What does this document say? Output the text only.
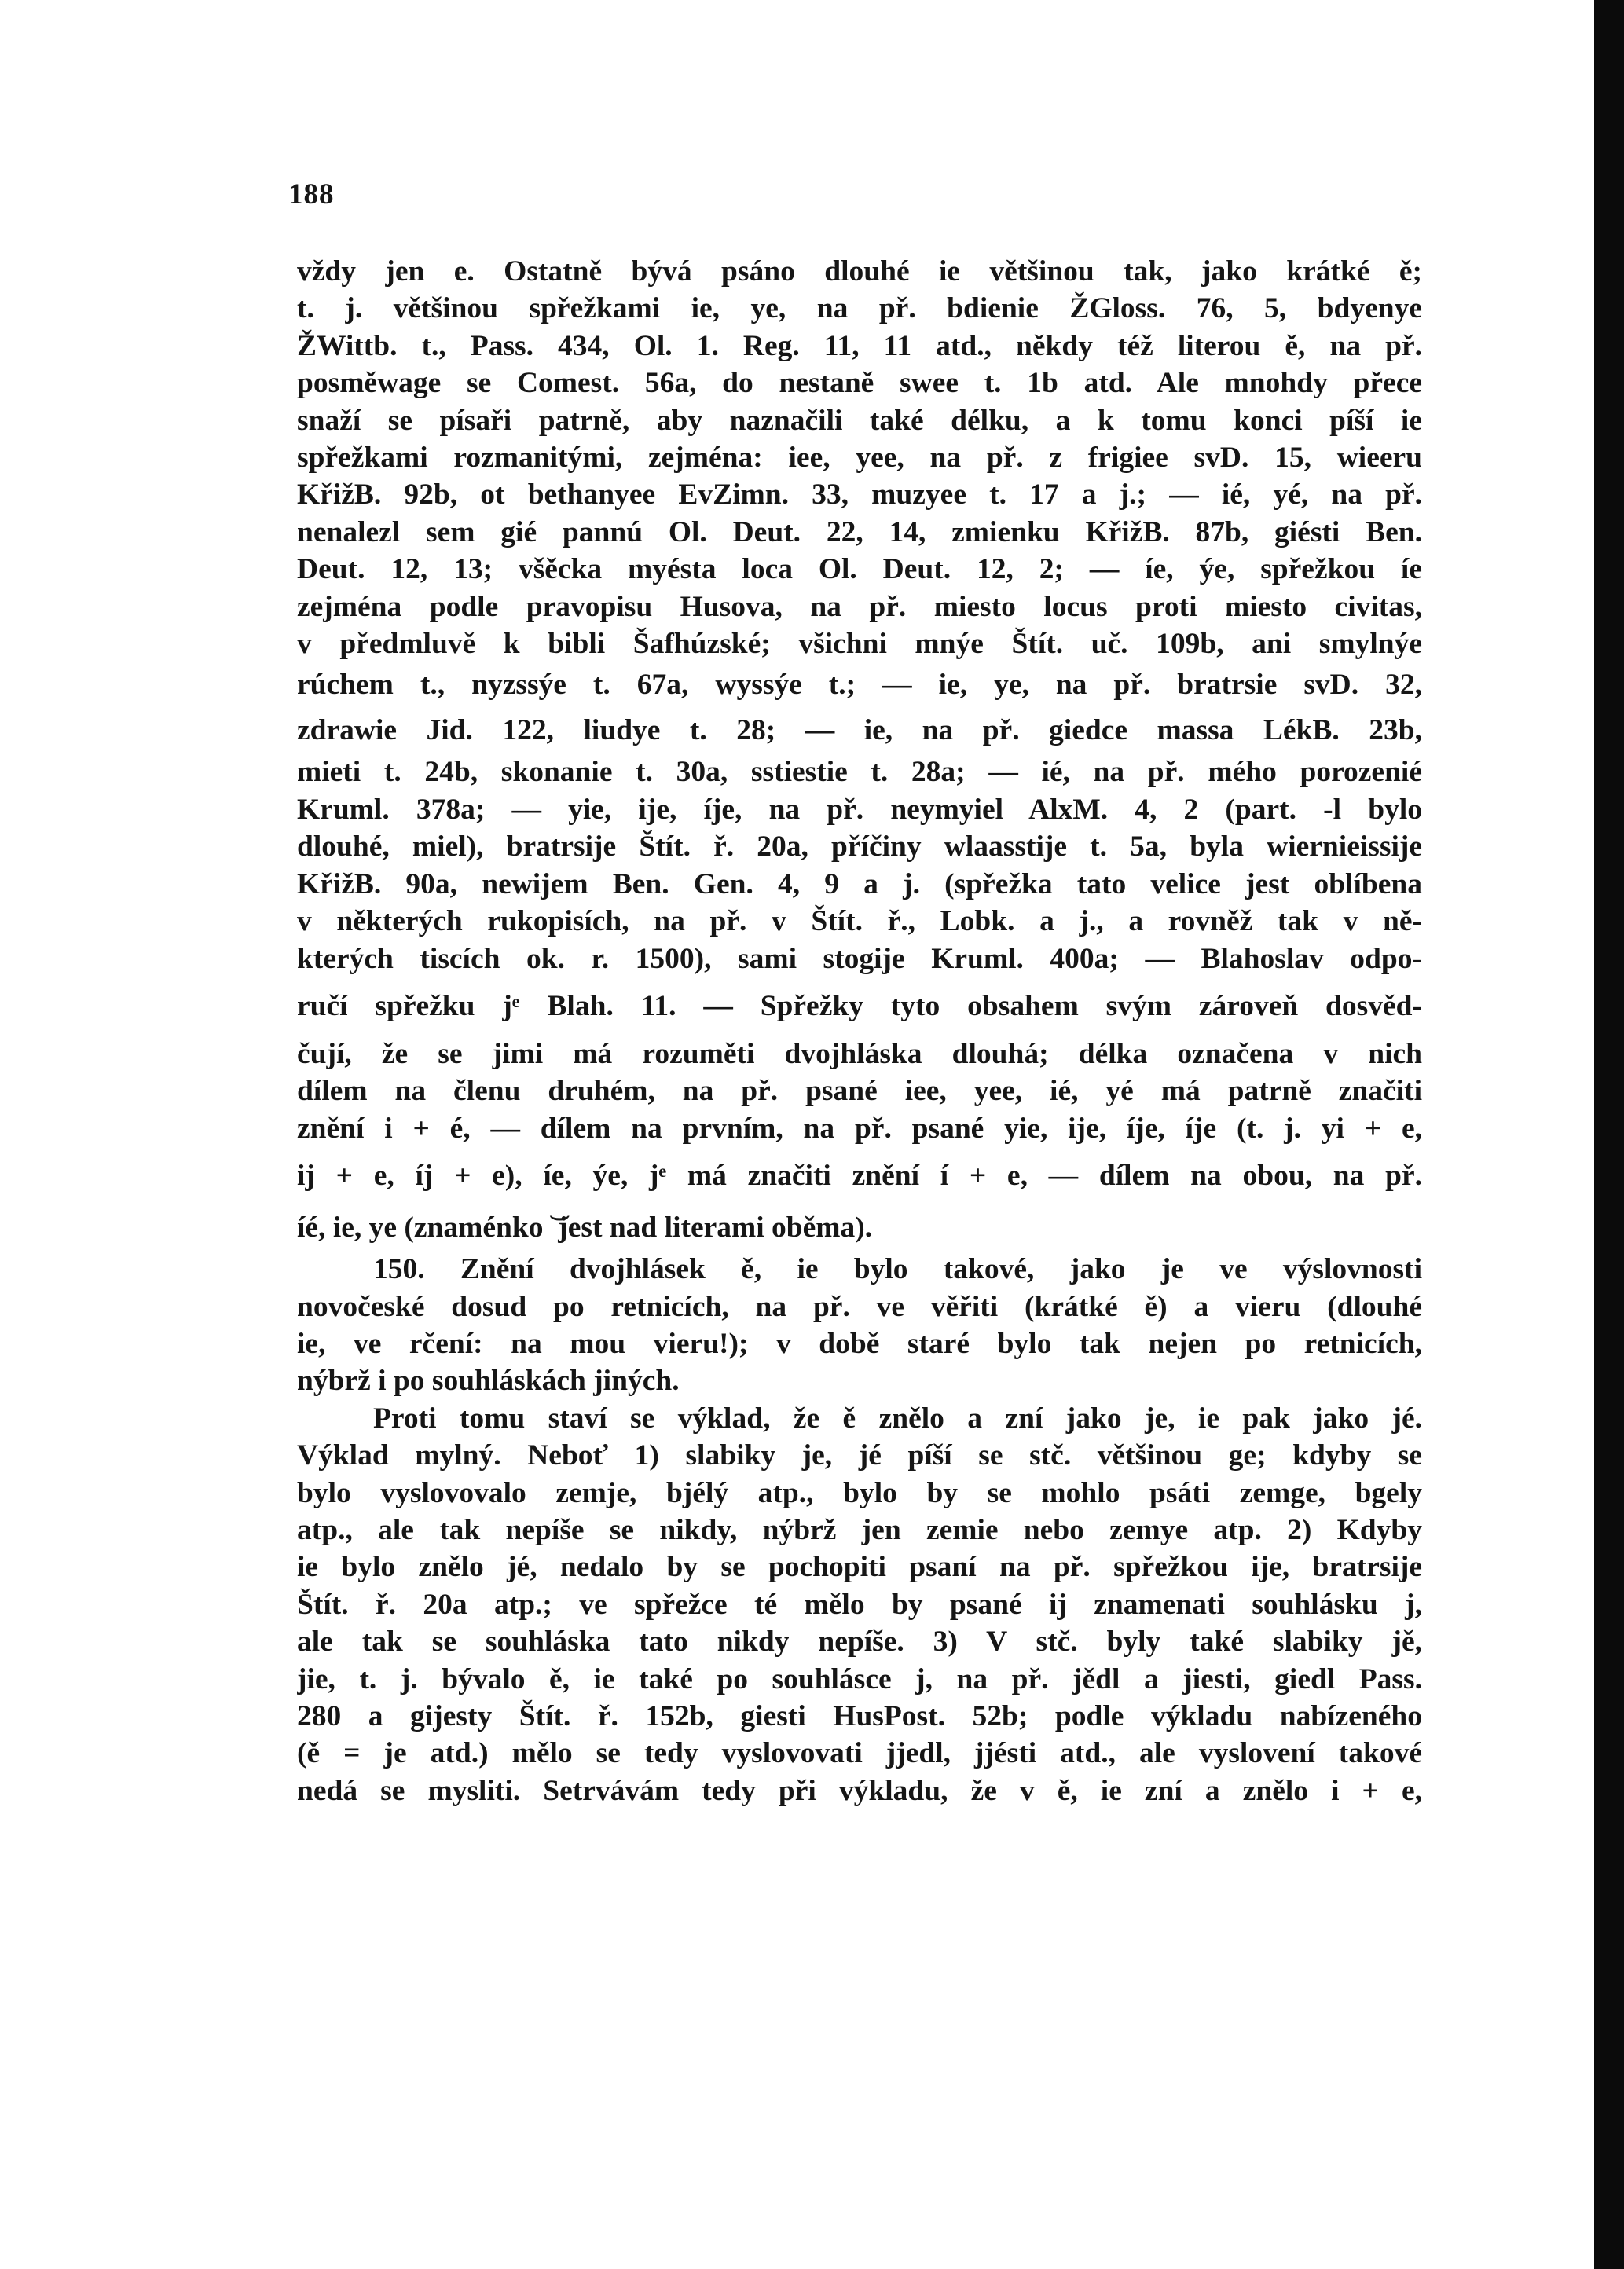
188
vždy jen e. Ostatně bývá psáno dlouhé ie většinou tak, jako krátké ě;
t. j. většinou spřežkami ie, ye, na př. bdienie ŽGloss. 76, 5, bdyenye
ŽWittb. t., Pass. 434, Ol. 1. Reg. 11, 11 atd., někdy též literou ě, na př.
posměwage se Comest. 56a, do nestaně swee t. 1b atd. Ale mnohdy přece
snaží se písaři patrně, aby naznačili také délku, a k tomu konci píší ie
spřežkami rozmanitými, zejména: iee, yee, na př. z frigiee svD. 15, wieeru
KřižB. 92b, ot bethanyee EvZimn. 33, muzyee t. 17 a j.; — ié, yé, na př.
nenalezl sem gié pannú Ol. Deut. 22, 14, zmienku KřižB. 87b, giésti Ben.
Deut. 12, 13; všěcka myésta loca Ol. Deut. 12, 2; — íe, ýe, spřežkou íe
zejména podle pravopisu Husova, na př. miesto locus proti miesto civitas,
v předmluvě k bibli Šafhúzské; všichni mnýe Štít. uč. 109b, ani smylnýe
rúchem t., nyzssýe t. 67a, wyssýe t.; — ie, ye, na př. bratrsie svD. 32,
zdrawie Jid. 122, liudye t. 28; — ie, na př. giedce massa LékB. 23b,
mieti t. 24b, skonanie t. 30a, sstiestie t. 28a; — ié, na př. mého porozenié
Kruml. 378a; — yie, ije, íje, na př. neymyiel AlxM. 4, 2 (part. -l bylo
dlouhé, miel), bratrsije Štít. ř. 20a, příčiny wlaasstije t. 5a, byla wiernieissije
KřižB. 90a, newijem Ben. Gen. 4, 9 a j. (spřežka tato velice jest oblíbena
v některých rukopisích, na př. v Štít. ř., Lobk. a j., a rovněž tak v ně-
kterých tiscích ok. r. 1500), sami stogije Kruml. 400a; — Blahoslav odpo-
ručí spřežku j͏ͤ Blah. 11. — Spřežky tyto obsahem svým zároveň dosvěd-
čují, že se jimi má rozuměti dvojhláska dlouhá; délka označena v nich
dílem na členu druhém, na př. psané iee, yee, ié, yé má patrně značiti
znění i + é, — dílem na prvním, na př. psané yie, ije, íje, íje (t. j. yi + e,
ij + e, íj + e), íe, ýe, jͤ má značiti znění í + e, — dílem na obou, na př.
íé, ie, ye (znaménko ͝ jest nad literami oběma).
150. Znění dvojhlásek ě, ie bylo takové, jako je ve výslovnosti
novočeské dosud po retnicích, na př. ve věřiti (krátké ě) a vieru (dlouhé
ie, ve rčení: na mou vieru!); v době staré bylo tak nejen po retnicích,
nýbrž i po souhláskách jiných.
Proti tomu staví se výklad, že ě znělo a zní jako je, ie pak jako jé.
Výklad mylný. Neboť 1) slabiky je, jé píší se stč. většinou ge; kdyby se
bylo vyslovovalo zemje, bjélý atp., bylo by se mohlo psáti zemge, bgely
atp., ale tak nepíše se nikdy, nýbrž jen zemie nebo zemye atp. 2) Kdyby
ie bylo znělo jé, nedalo by se pochopiti psaní na př. spřežkou ije, bratrsije
Štít. ř. 20a atp.; ve spřežce té mělo by psané ij znamenati souhlásku j,
ale tak se souhláska tato nikdy nepíše. 3) V stč. byly také slabiky jě,
jie, t. j. bývalo ě, ie také po souhlásce j, na př. jědl a jiesti, giedl Pass.
280 a gijesty Štít. ř. 152b, giesti HusPost. 52b; podle výkladu nabízeného
(ě = je atd.) mělo se tedy vyslovovati jjedl, jjésti atd., ale vyslovení takové
nedá se mysliti. Setrvávám tedy při výkladu, že v ě, ie zní a znělo i + e,
